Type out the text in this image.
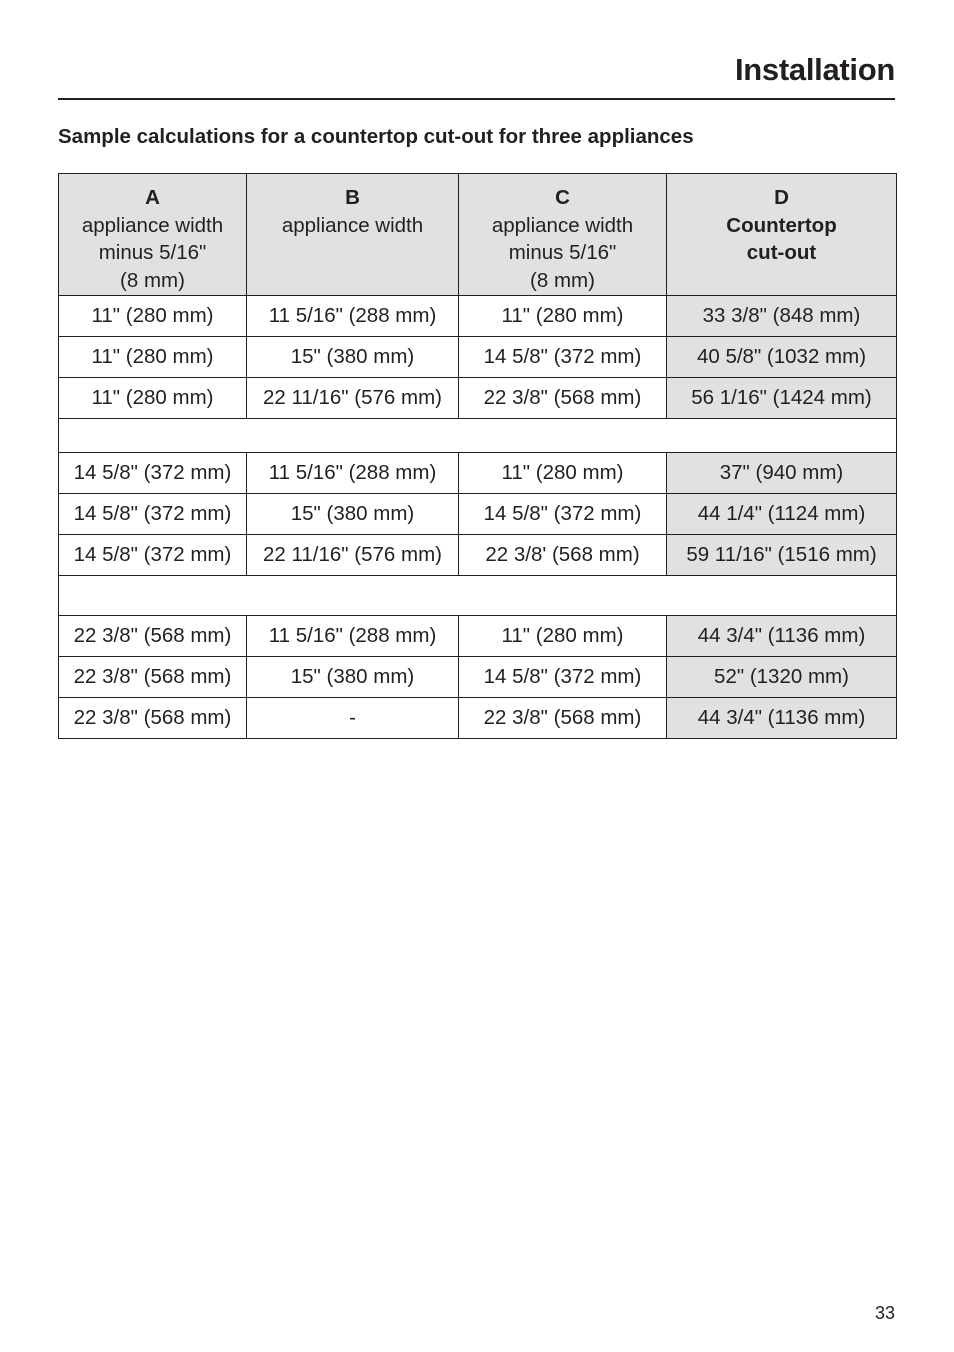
Installation
Sample calculations for a countertop cut-out for three appliances
A
appliance width
minus 5/16"
(8 mm)	B
appliance width	C
appliance width
minus 5/16"
(8 mm)	D
Countertop
cut-out

11" (280 mm)	11 5/16" (288 mm)	11" (280 mm)	33 3/8" (848 mm)
11" (280 mm)	15" (380 mm)	14 5/8" (372 mm)	40 5/8" (1032 mm)
11" (280 mm)	22 11/16" (576 mm)	22 3/8" (568 mm)	56 1/16" (1424 mm)

14 5/8" (372 mm)	11 5/16" (288 mm)	11" (280 mm)	37" (940 mm)
14 5/8" (372 mm)	15" (380 mm)	14 5/8" (372 mm)	44 1/4" (1124 mm)
14 5/8" (372 mm)	22 11/16" (576 mm)	22 3/8' (568 mm)	59 11/16" (1516 mm)

22 3/8" (568 mm)	11 5/16" (288 mm)	11" (280 mm)	44 3/4" (1136 mm)
22 3/8" (568 mm)	15" (380 mm)	14 5/8" (372 mm)	52" (1320 mm)
22 3/8" (568 mm)	-	22 3/8" (568 mm)	44 3/4" (1136 mm)
33
